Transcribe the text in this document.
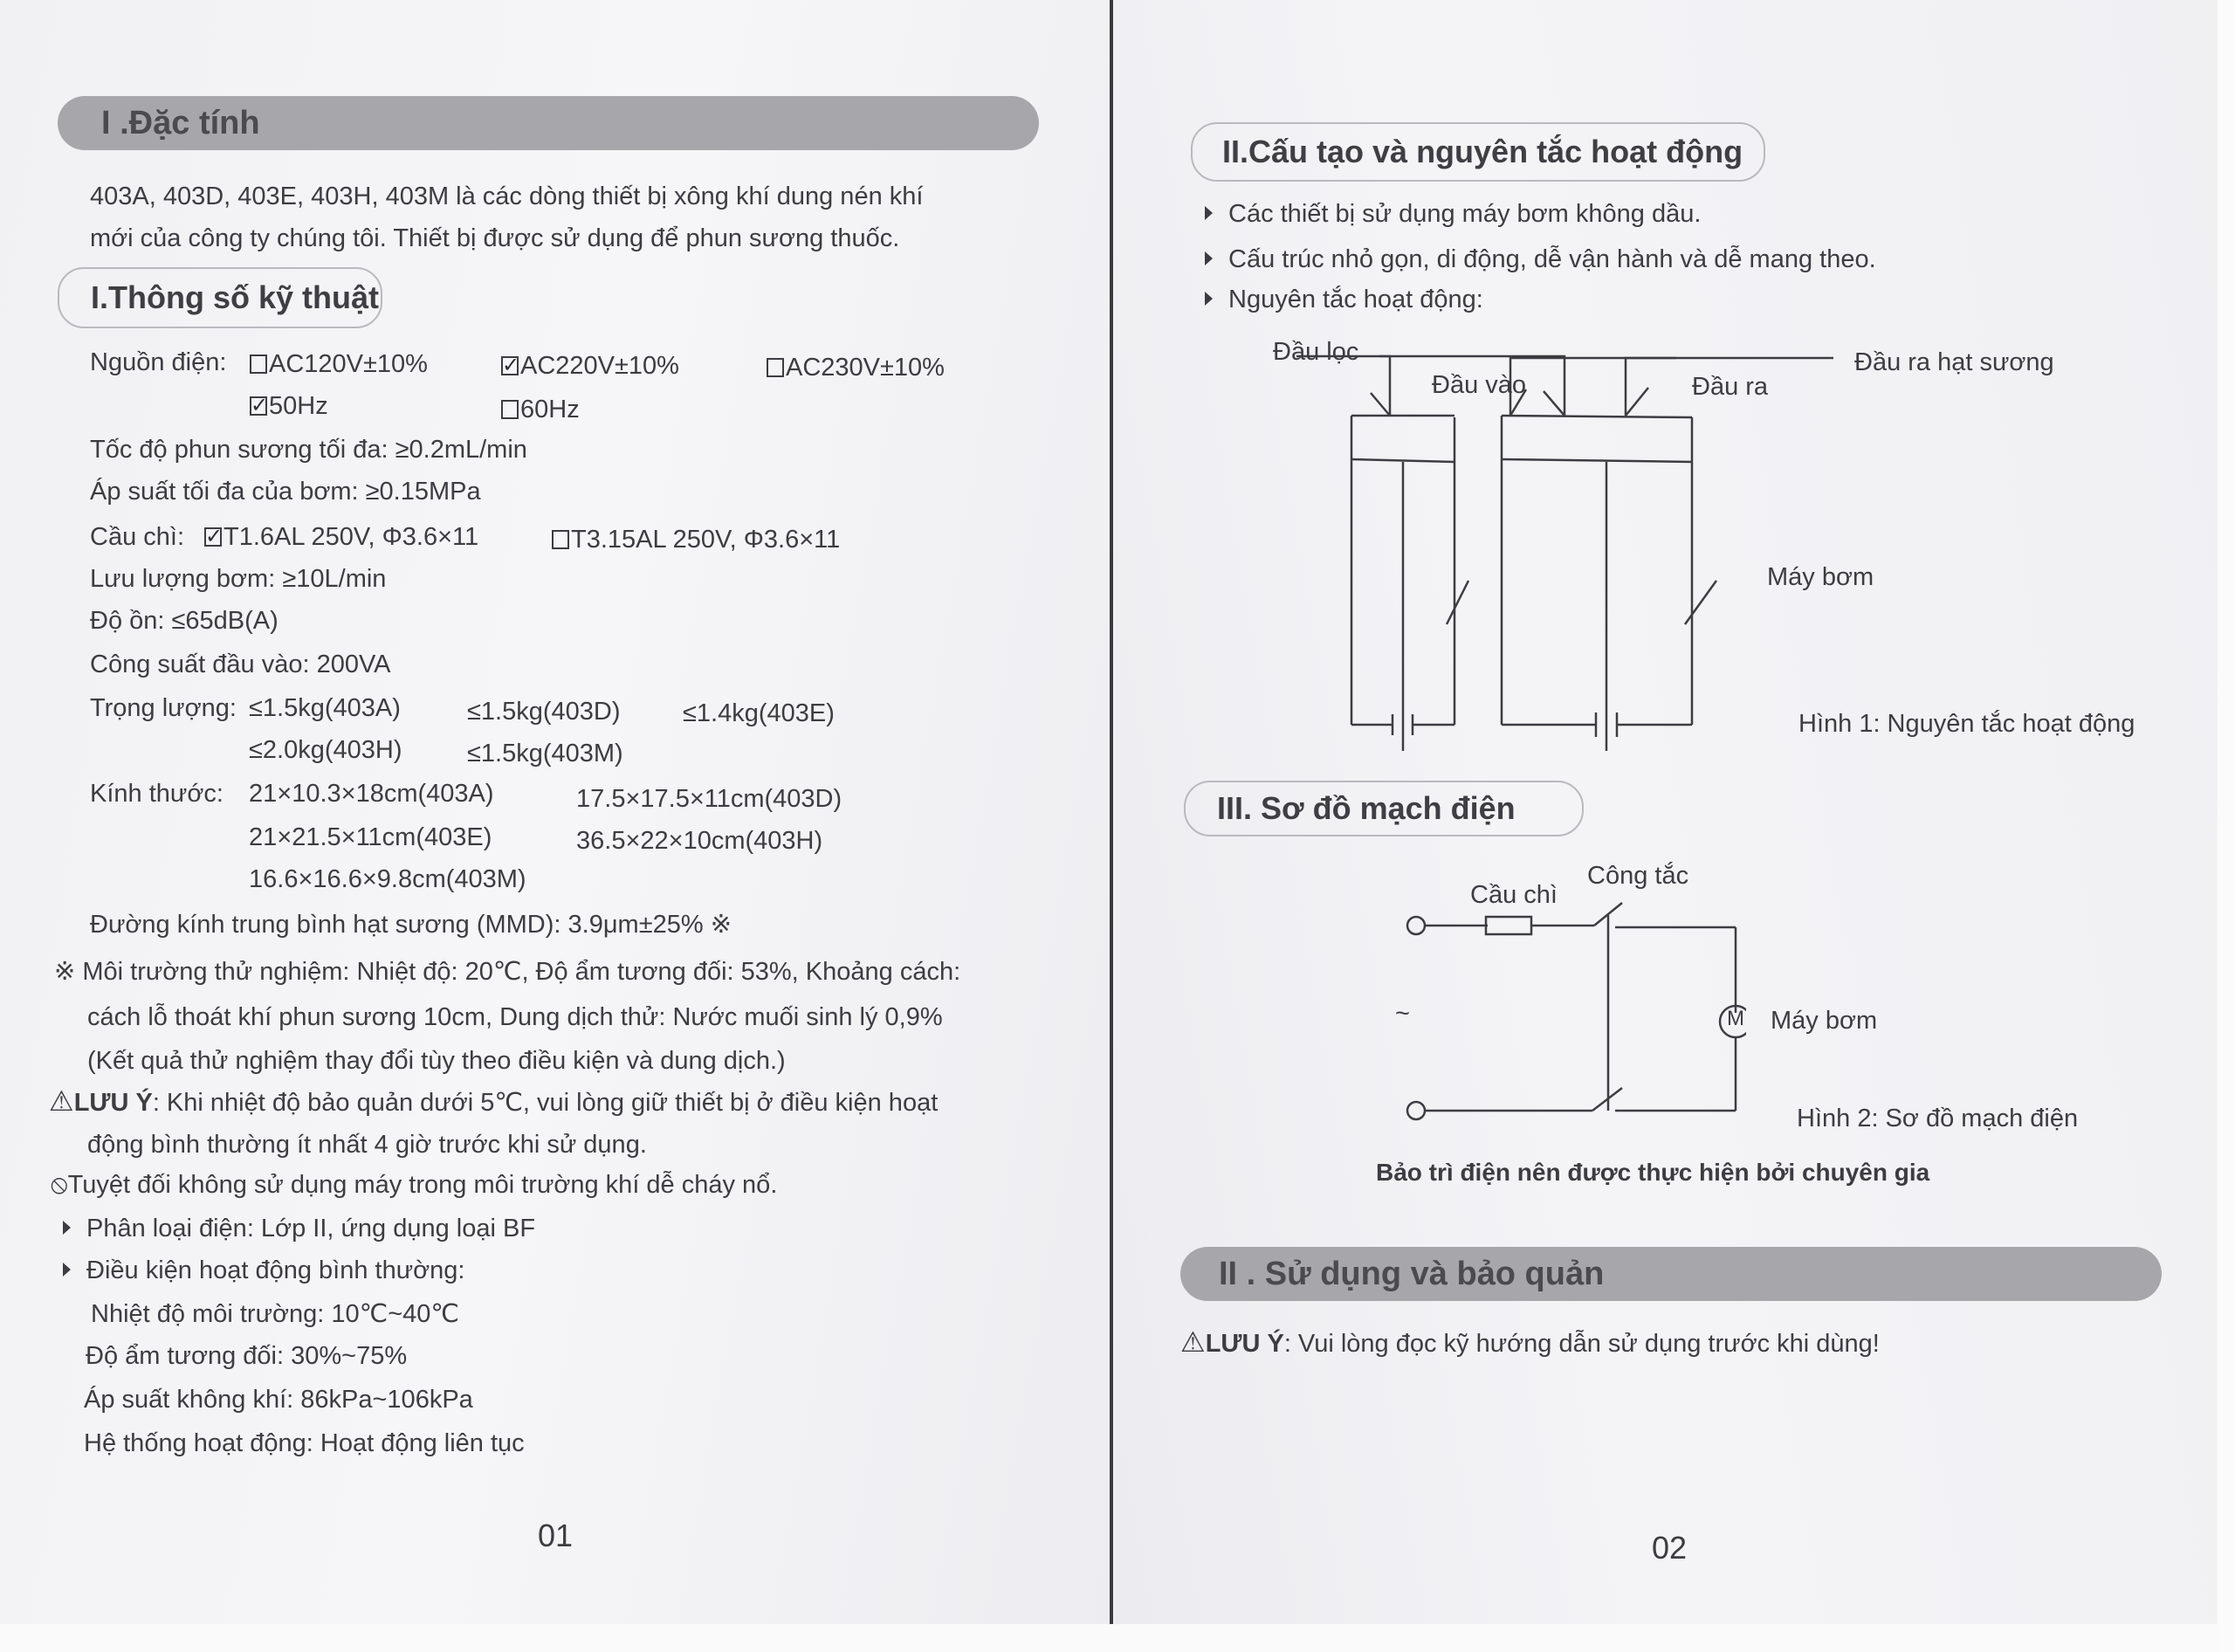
I .Đặc tính
403A, 403D, 403E, 403H, 403M là các dòng thiết bị xông khí dung nén khí
mới của công ty chúng tôi. Thiết bị được sử dụng để phun sương thuốc.
I.Thông số kỹ thuật
Nguồn điện:	AC120V±10% ✓	AC220V±10%	AC230V±10%
✓50Hz	60Hz
Tốc độ phun sương tối đa: ≥0.2mL/min
Áp suất tối đa của bơm: ≥0.15MPa
Cầu chì: ✓	T1.6AL 250V, Φ3.6×11	T3.15AL 250V, Φ3.6×11
Lưu lượng bơm: ≥10L/min
Độ ồn: ≤65dB(A)
Công suất đầu vào: 200VA
Trọng lượng: ≤1.5kg(403A)	≤1.5kg(403D) ≤1.4kg(403E)
≤2.0kg(403H)	≤1.5kg(403M)
Kính thước: 21×10.3×18cm(403A)	17.5×17.5×11cm(403D)
21×21.5×11cm(403E)	36.5×22×10cm(403H)
16.6×16.6×9.8cm(403M)
Đường kính trung bình hạt sương (MMD): 3.9μm±25% ※
※ Môi trường thử nghiệm: Nhiệt độ: 20℃, Độ ẩm tương đối: 53%, Khoảng cách:
cách lỗ thoát khí phun sương 10cm, Dung dịch thử: Nước muối sinh lý 0,9%
(Kết quả thử nghiệm thay đổi tùy theo điều kiện và dung dịch.)
⚠LƯU Ý: Khi nhiệt độ bảo quản dưới 5℃, vui lòng giữ thiết bị ở điều kiện hoạt
động bình thường ít nhất 4 giờ trước khi sử dụng.
⦸Tuyệt đối không sử dụng máy trong môi trường khí dễ cháy nổ.
Phân loại điện: Lớp II, ứng dụng loại BF
Điều kiện hoạt động bình thường:
Nhiệt độ môi trường: 10℃~40℃
Độ ẩm tương đối: 30%~75%
Áp suất không khí: 86kPa~106kPa
Hệ thống hoạt động: Hoạt động liên tục
01
II.Cấu tạo và nguyên tắc hoạt động
Các thiết bị sử dụng máy bơm không dầu.
Cấu trúc nhỏ gọn, di động, dễ vận hành và dễ mang theo.
Nguyên tắc hoạt động:
Đầu lọc
Đầu vào	Đầu ra
Đầu ra hạt sương
Máy bơm
Hình 1: Nguyên tắc hoạt động
III. Sơ đồ mạch điện
Cầu chì
Công tắc
~	M Máy bơm
Hình 2: Sơ đồ mạch điện
Bảo trì điện nên được thực hiện bởi chuyên gia
II . Sử dụng và bảo quản
⚠LƯU Ý: Vui lòng đọc kỹ hướng dẫn sử dụng trước khi dùng!
02
